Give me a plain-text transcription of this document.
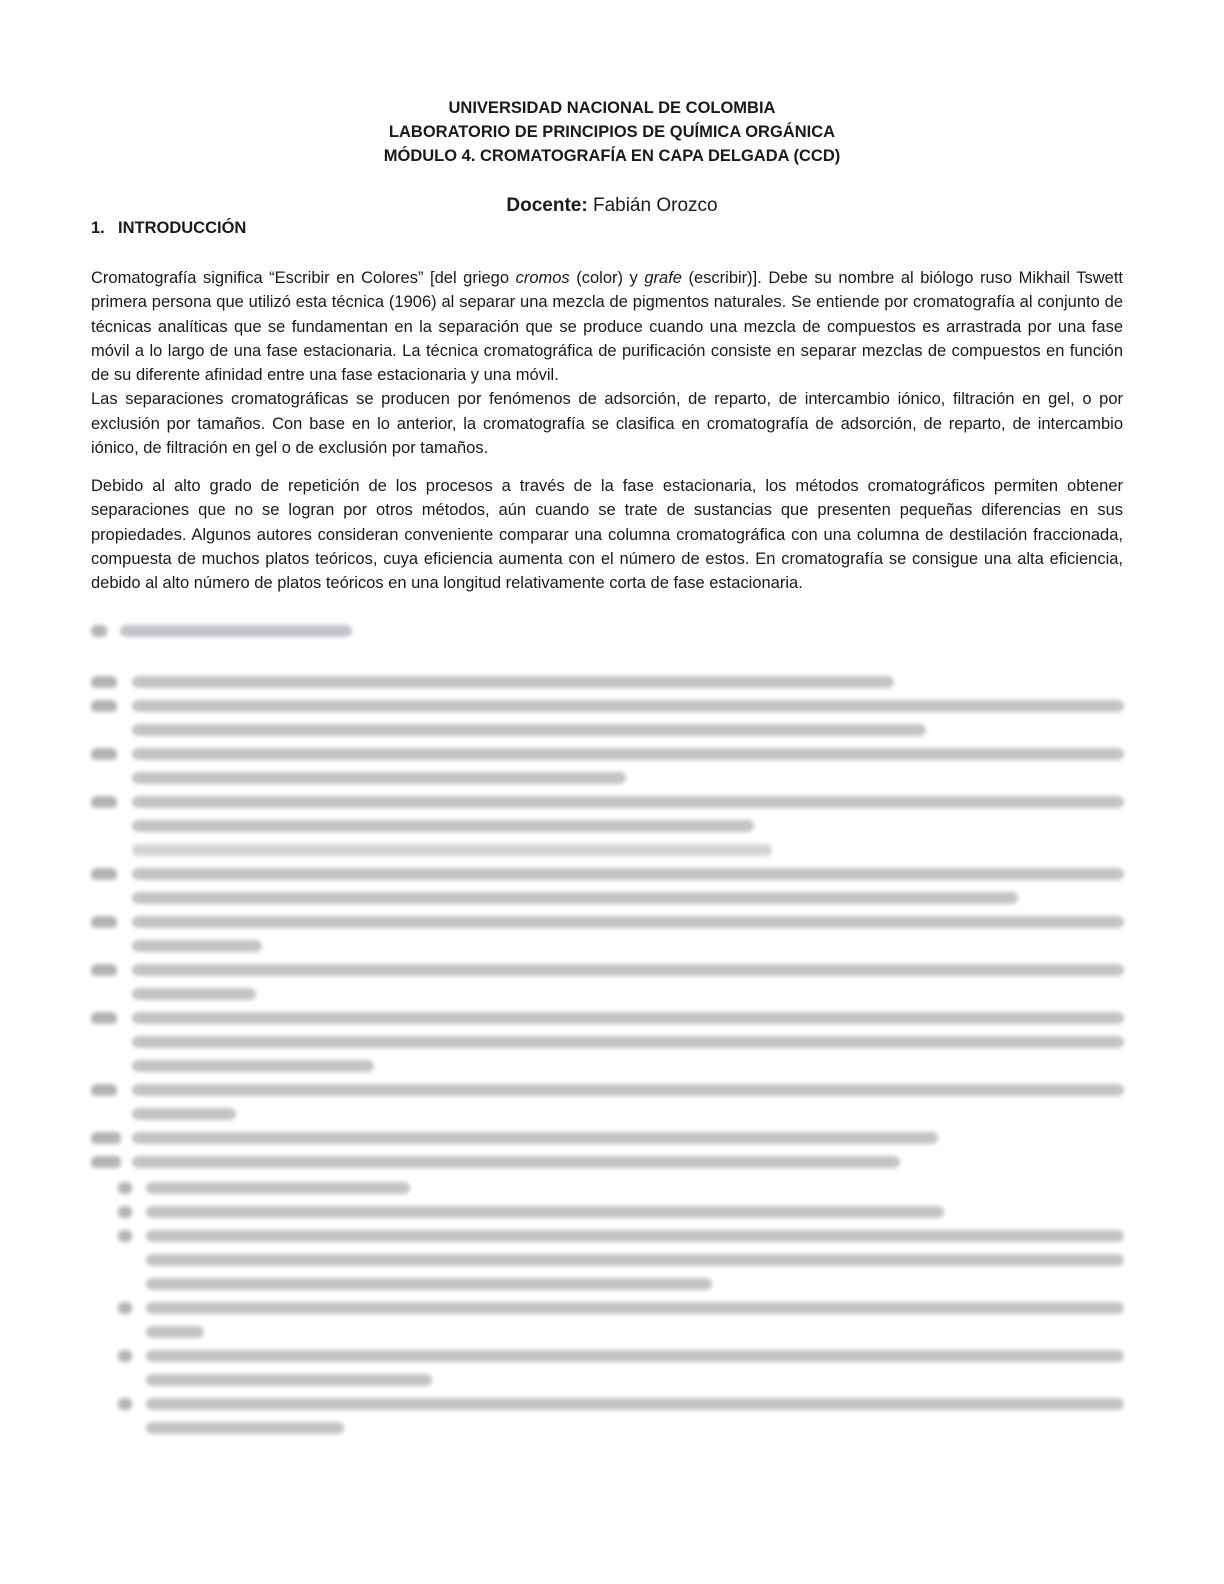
UNIVERSIDAD NACIONAL DE COLOMBIA
LABORATORIO DE PRINCIPIOS DE QUÍMICA ORGÁNICA
MÓDULO 4. CROMATOGRAFÍA EN CAPA DELGADA (CCD)
Docente: Fabián Orozco
1. INTRODUCCIÓN

Cromatografía significa “Escribir en Colores” [del griego cromos (color) y grafe (escribir)]. Debe su nombre al biólogo ruso Mikhail Tswett primera persona que utilizó esta técnica (1906) al separar una mezcla de pigmentos naturales. Se entiende por cromatografía al conjunto de técnicas analíticas que se fundamentan en la separación que se produce cuando una mezcla de compuestos es arrastrada por una fase móvil a lo largo de una fase estacionaria. La técnica cromatográfica de purificación consiste en separar mezclas de compuestos en función de su diferente afinidad entre una fase estacionaria y una móvil.

Las separaciones cromatográficas se producen por fenómenos de adsorción, de reparto, de intercambio iónico, filtración en gel, o por exclusión por tamaños. Con base en lo anterior, la cromatografía se clasifica en cromatografía de adsorción, de reparto, de intercambio iónico, de filtración en gel o de exclusión por tamaños.

Debido al alto grado de repetición de los procesos a través de la fase estacionaria, los métodos cromatográficos permiten obtener separaciones que no se logran por otros métodos, aún cuando se trate de sustancias que presenten pequeñas diferencias en sus propiedades. Algunos autores consideran conveniente comparar una columna cromatográfica con una columna de destilación fraccionada, compuesta de muchos platos teóricos, cuya eficiencia aumenta con el número de estos. En cromatografía se consigue una alta eficiencia, debido al alto número de platos teóricos en una longitud relativamente corta de fase estacionaria.
